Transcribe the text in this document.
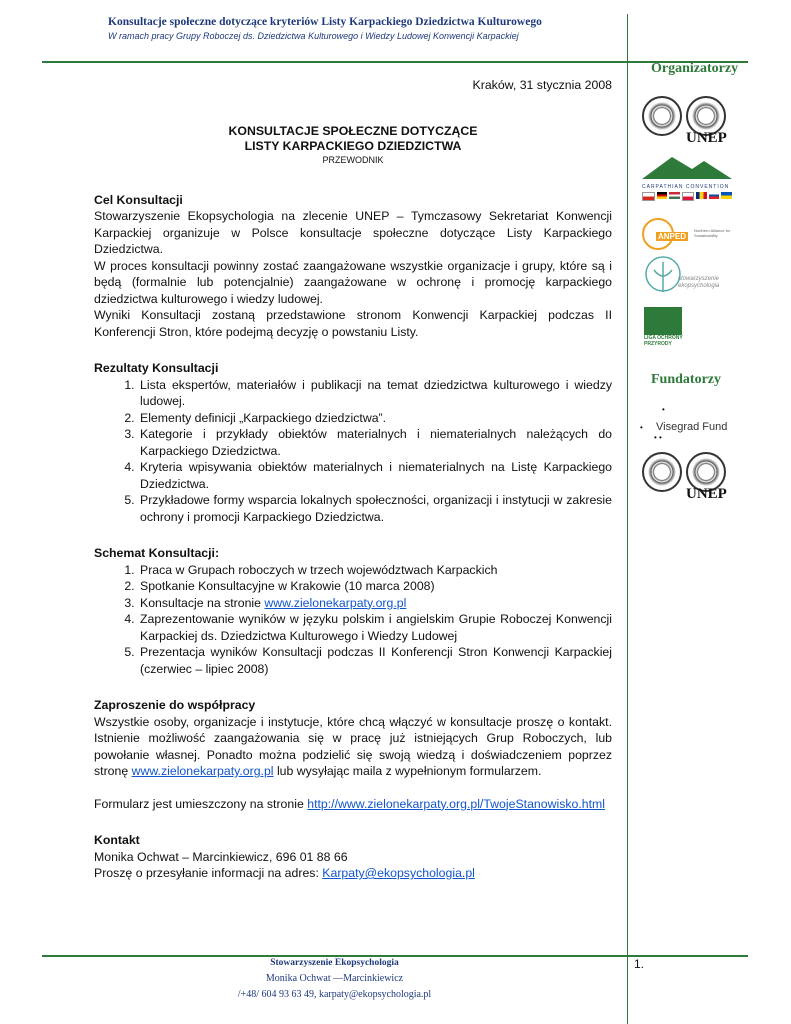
Konsultacje społeczne dotyczące kryteriów Listy Karpackiego Dziedzictwa Kulturowego
W ramach pracy Grupy Roboczej ds. Dziedzictwa Kulturowego i Wiedzy Ludowej Konwencji Karpackiej
Kraków, 31 stycznia 2008
KONSULTACJE SPOŁECZNE DOTYCZĄCE
LISTY KARPACKIEGO DZIEDZICTWA
PRZEWODNIK
Cel Konsultacji

Stowarzyszenie Ekopsychologia na zlecenie UNEP – Tymczasowy Sekretariat Konwencji Karpackiej organizuje w Polsce konsultacje społeczne dotyczące Listy Karpackiego Dziedzictwa.

W proces konsultacji powinny zostać zaangażowane wszystkie organizacje i grupy, które są i będą (formalnie lub potencjalnie) zaangażowane w ochronę i promocję karpackiego dziedzictwa kulturowego i wiedzy ludowej.

Wyniki Konsultacji zostaną przedstawione stronom Konwencji Karpackiej podczas II Konferencji Stron, które podejmą decyzję o powstaniu Listy.

Rezultaty Konsultacji
1. Lista ekspertów, materiałów i publikacji na temat dziedzictwa kulturowego i wiedzy ludowej.
2. Elementy definicji „Karpackiego dziedzictwa”.
3. Kategorie i przykłady obiektów materialnych i niematerialnych należących do Karpackiego Dziedzictwa.
4. Kryteria wpisywania obiektów materialnych i niematerialnych na Listę Karpackiego Dziedzictwa.
5. Przykładowe formy wsparcia lokalnych społeczności, organizacji i instytucji w zakresie ochrony i promocji Karpackiego Dziedzictwa.
Schemat Konsultacji:
1. Praca w Grupach roboczych w trzech województwach Karpackich
2. Spotkanie Konsultacyjne w Krakowie (10 marca 2008)
3. Konsultacje na stronie www.zielonekarpaty.org.pl
4. Zaprezentowanie wyników w języku polskim i angielskim Grupie Roboczej Konwencji Karpackiej ds. Dziedzictwa Kulturowego i Wiedzy Ludowej
5. Prezentacja wyników Konsultacji podczas II Konferencji Stron Konwencji Karpackiej (czerwiec – lipiec 2008)
Zaproszenie do współpracy

Wszystkie osoby, organizacje i instytucje, które chcą włączyć w konsultacje proszę o kontakt. Istnienie możliwość zaangażowania się w pracę już istniejących Grup Roboczych, lub powołanie własnej. Ponadto można podzielić się swoją wiedzą i doświadczeniem poprzez stronę www.zielonekarpaty.org.pl lub wysyłając maila z wypełnionym formularzem.

Formularz jest umieszczony na stronie http://www.zielonekarpaty.org.pl/TwojeStanowisko.html

Kontakt

Monika Ochwat – Marcinkiewicz, 696 01 88 66

Proszę o przesyłanie informacji na adres: Karpaty@ekopsychologia.pl

Organizatorzy
UNEP
CARPATHIAN CONVENTION
ANPED
Northern Alliance for Sustainability
stowarzyszenie ekopsychologia
LIGA OCHRONY PRZYRODY
Fundatorzy
•
•
• •
Visegrad Fund
UNEP
Stowarzyszenie Ekopsychologia
Monika Ochwat —Marcinkiewicz
/+48/ 604 93 63 49, karpaty@ekopsychologia.pl
1.
